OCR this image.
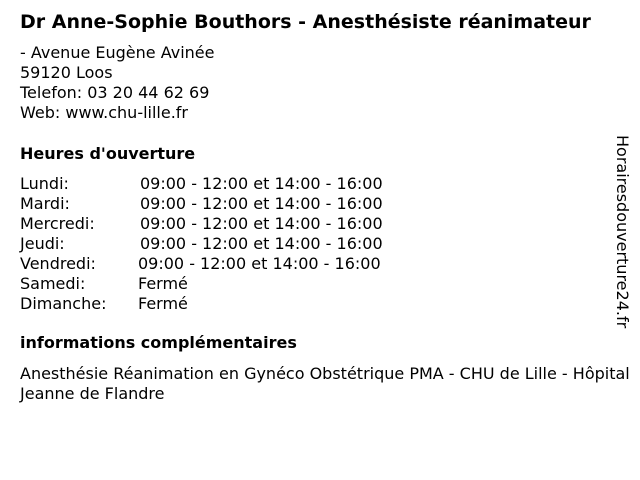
Dr Anne-Sophie Bouthors - Anesthésiste réanimateur
- Avenue Eugène Avinée
59120 Loos
Telefon: 03 20 44 62 69
Web: www.chu-lille.fr
Heures d'ouverture
Lundi:	09:00 - 12:00 et 14:00 - 16:00
Mardi:	09:00 - 12:00 et 14:00 - 16:00
Mercredi:	09:00 - 12:00 et 14:00 - 16:00
Jeudi:	09:00 - 12:00 et 14:00 - 16:00
Vendredi:	09:00 - 12:00 et 14:00 - 16:00
Samedi:	Fermé
Dimanche: Fermé
informations complémentaires
Anesthésie Réanimation en Gynéco Obstétrique PMA - CHU de Lille - Hôpital Jeanne de Flandre
Horairesdouverture24.fr
